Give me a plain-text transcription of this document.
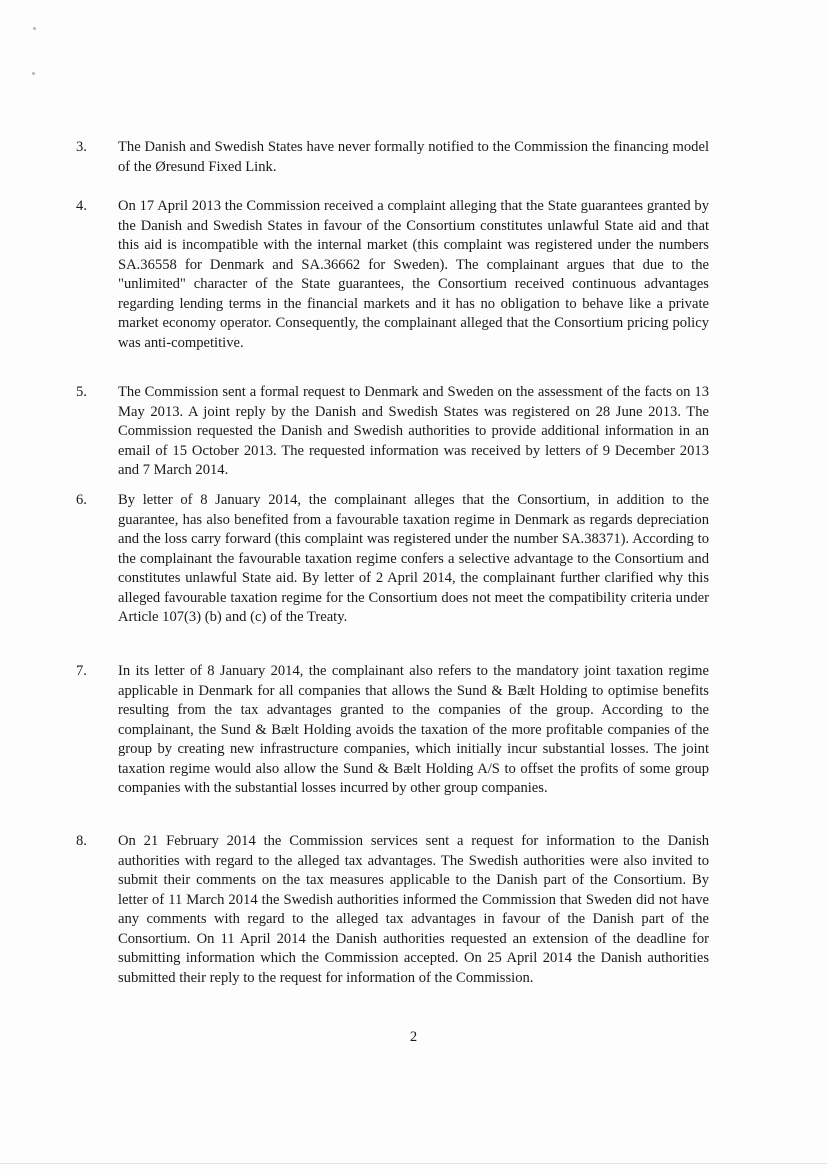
3. The Danish and Swedish States have never formally notified to the Commission the financing model of the Øresund Fixed Link.

4. On 17 April 2013 the Commission received a complaint alleging that the State guarantees granted by the Danish and Swedish States in favour of the Consortium constitutes unlawful State aid and that this aid is incompatible with the internal market (this complaint was registered under the numbers SA.36558 for Denmark and SA.36662 for Sweden). The complainant argues that due to the "unlimited" character of the State guarantees, the Consortium received continuous advantages regarding lending terms in the financial markets and it has no obligation to behave like a private market economy operator. Consequently, the complainant alleged that the Consortium pricing policy was anti-competitive.

5. The Commission sent a formal request to Denmark and Sweden on the assessment of the facts on 13 May 2013. A joint reply by the Danish and Swedish States was registered on 28 June 2013. The Commission requested the Danish and Swedish authorities to provide additional information in an email of 15 October 2013. The requested information was received by letters of 9 December 2013 and 7 March 2014.

6. By letter of 8 January 2014, the complainant alleges that the Consortium, in addition to the guarantee, has also benefited from a favourable taxation regime in Denmark as regards depreciation and the loss carry forward (this complaint was registered under the number SA.38371). According to the complainant the favourable taxation regime confers a selective advantage to the Consortium and constitutes unlawful State aid. By letter of 2 April 2014, the complainant further clarified why this alleged favourable taxation regime for the Consortium does not meet the compatibility criteria under Article 107(3) (b) and (c) of the Treaty.

7. In its letter of 8 January 2014, the complainant also refers to the mandatory joint taxation regime applicable in Denmark for all companies that allows the Sund & Bælt Holding to optimise benefits resulting from the tax advantages granted to the companies of the group. According to the complainant, the Sund & Bælt Holding avoids the taxation of the more profitable companies of the group by creating new infrastructure companies, which initially incur substantial losses. The joint taxation regime would also allow the Sund & Bælt Holding A/S to offset the profits of some group companies with the substantial losses incurred by other group companies.

8. On 21 February 2014 the Commission services sent a request for information to the Danish authorities with regard to the alleged tax advantages. The Swedish authorities were also invited to submit their comments on the tax measures applicable to the Danish part of the Consortium. By letter of 11 March 2014 the Swedish authorities informed the Commission that Sweden did not have any comments with regard to the alleged tax advantages in favour of the Danish part of the Consortium. On 11 April 2014 the Danish authorities requested an extension of the deadline for submitting information which the Commission accepted. On 25 April 2014 the Danish authorities submitted their reply to the request for information of the Commission.

2
